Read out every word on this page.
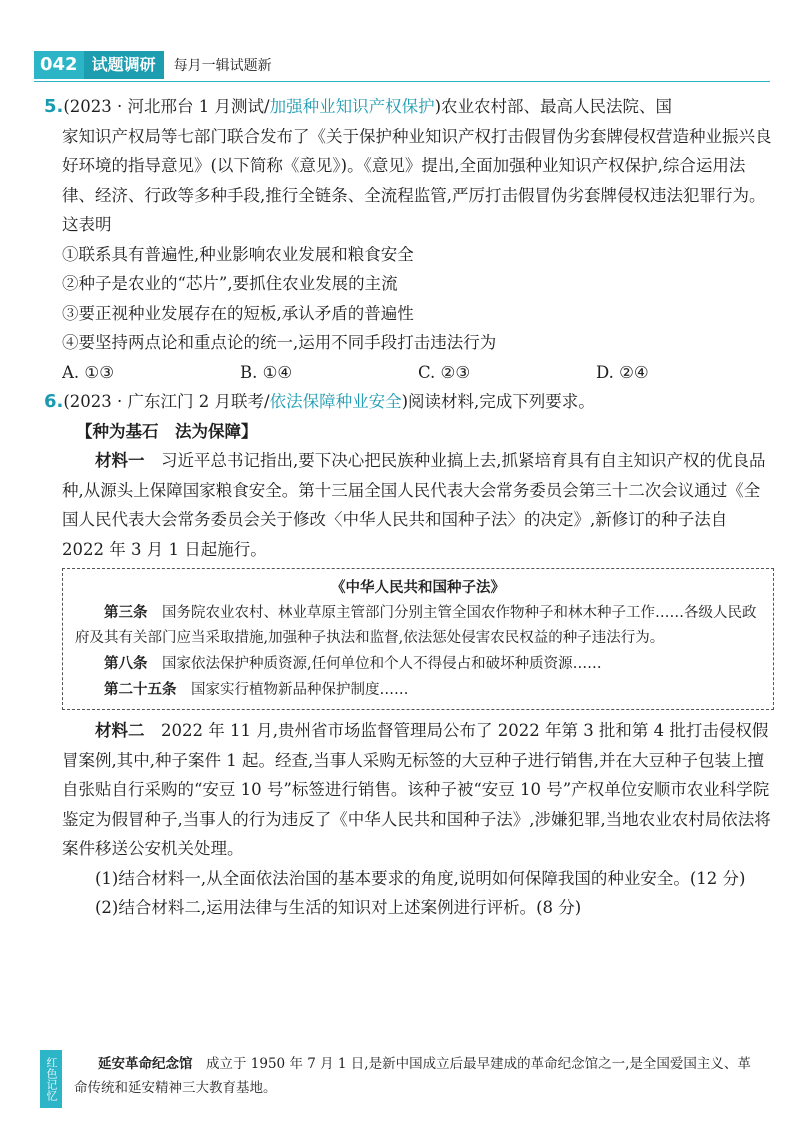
042 试题调研	每月一辑试题新

5.(2023 · 河北邢台 1 月测试/加强种业知识产权保护)农业农村部、最高人民法院、国

家知识产权局等七部门联合发布了《关于保护种业知识产权打击假冒伪劣套牌侵权营造种业振兴良好环境的指导意见》(以下简称《意见》)。《意见》提出,全面加强种业知识产权保护,综合运用法律、经济、行政等多种手段,推行全链条、全流程监管,严厉打击假冒伪劣套牌侵权违法犯罪行为。这表明

①联系具有普遍性,种业影响农业发展和粮食安全

②种子是农业的“芯片”,要抓住农业发展的主流

③要正视种业发展存在的短板,承认矛盾的普遍性

④要坚持两点论和重点论的统一,运用不同手段打击违法行为

A. ①③	B. ①④	C. ②③	D. ②④

6.(2023 · 广东江门 2 月联考/依法保障种业安全)阅读材料,完成下列要求。

【种为基石　法为保障】

材料一　习近平总书记指出,要下决心把民族种业搞上去,抓紧培育具有自主知识产权的优良品种,从源头上保障国家粮食安全。第十三届全国人民代表大会常务委员会第三十二次会议通过《全国人民代表大会常务委员会关于修改〈中华人民共和国种子法〉的决定》,新修订的种子法自 2022 年 3 月 1 日起施行。

《中华人民共和国种子法》

第三条　国务院农业农村、林业草原主管部门分别主管全国农作物种子和林木种子工作……各级人民政府及其有关部门应当采取措施,加强种子执法和监督,依法惩处侵害农民权益的种子违法行为。

第八条　国家依法保护种质资源,任何单位和个人不得侵占和破坏种质资源……

第二十五条　国家实行植物新品种保护制度……

材料二　2022 年 11 月,贵州省市场监督管理局公布了 2022 年第 3 批和第 4 批打击侵权假冒案例,其中,种子案件 1 起。经查,当事人采购无标签的大豆种子进行销售,并在大豆种子包装上擅自张贴自行采购的“安豆 10 号”标签进行销售。该种子被“安豆 10 号”产权单位安顺市农业科学院鉴定为假冒种子,当事人的行为违反了《中华人民共和国种子法》,涉嫌犯罪,当地农业农村局依法将案件移送公安机关处理。

(1)结合材料一,从全面依法治国的基本要求的角度,说明如何保障我国的种业安全。(12 分)

(2)结合材料二,运用法律与生活的知识对上述案例进行评析。(8 分)

红色记忆	延安革命纪念馆　成立于 1950 年 7 月 1 日,是新中国成立后最早建成的革命纪念馆之一,是全国爱国主义、革命传统和延安精神三大教育基地。
